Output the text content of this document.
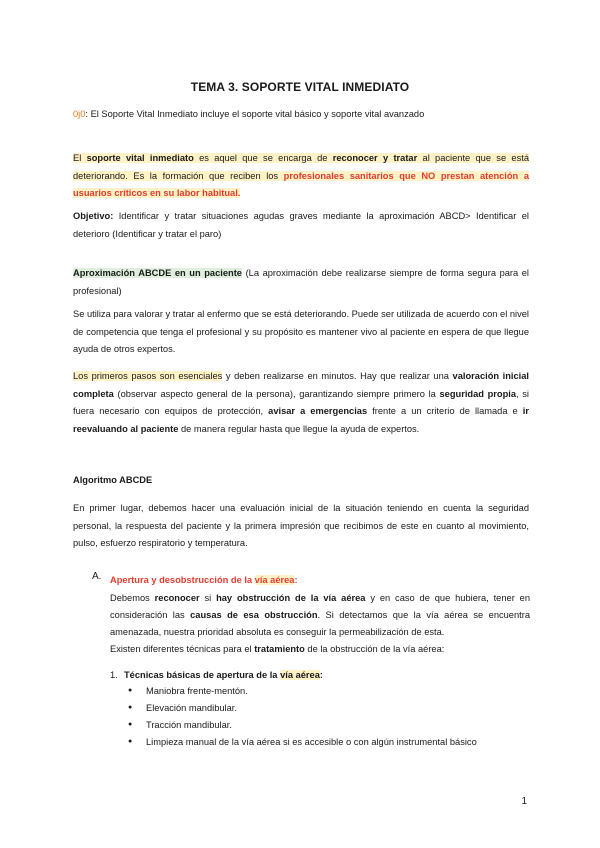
TEMA 3. SOPORTE VITAL INMEDIATO
0j0: El Soporte Vital Inmediato incluye el soporte vital básico y soporte vital avanzado
El soporte vital inmediato es aquel que se encarga de reconocer y tratar al paciente que se está deteriorando. Es la formación que reciben los profesionales sanitarios que NO prestan atención a usuarios críticos en su labor habitual.
Objetivo: Identificar y tratar situaciones agudas graves mediante la aproximación ABCD> Identificar el deterioro (Identificar y tratar el paro)
Aproximación ABCDE en un paciente (La aproximación debe realizarse siempre de forma segura para el profesional)
Se utiliza para valorar y tratar al enfermo que se está deteriorando. Puede ser utilizada de acuerdo con el nivel de competencia que tenga el profesional y su propósito es mantener vivo al paciente en espera de que llegue ayuda de otros expertos.
Los primeros pasos son esenciales y deben realizarse en minutos. Hay que realizar una valoración inicial completa (observar aspecto general de la persona), garantizando siempre primero la seguridad propia, si fuera necesario con equipos de protección, avisar a emergencias frente a un criterio de llamada e ir reevaluando al paciente de manera regular hasta que llegue la ayuda de expertos.
Algoritmo ABCDE
En primer lugar, debemos hacer una evaluación inicial de la situación teniendo en cuenta la seguridad personal, la respuesta del paciente y la primera impresión que recibimos de este en cuanto al movimiento, pulso, esfuerzo respiratorio y temperatura.
A. Apertura y desobstrucción de la vía aérea:
Debemos reconocer si hay obstrucción de la vía aérea y en caso de que hubiera, tener en consideración las causas de esa obstrucción. Si detectamos que la vía aérea se encuentra amenazada, nuestra prioridad absoluta es conseguir la permeabilización de esta.
Existen diferentes técnicas para el tratamiento de la obstrucción de la vía aérea:
1. Técnicas básicas de apertura de la vía aérea:
● Maniobra frente-mentón.
● Elevación mandibular.
● Tracción mandibular.
● Limpieza manual de la vía aérea si es accesible o con algún instrumental básico
1
